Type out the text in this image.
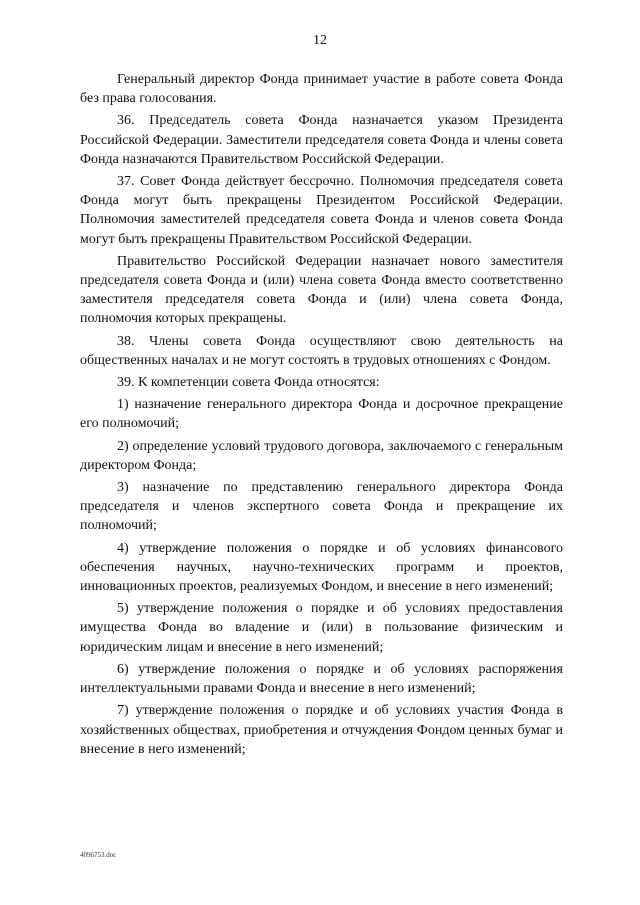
12

Генеральный директор Фонда принимает участие в работе совета Фонда без права голосования.

36. Председатель совета Фонда назначается указом Президента Российской Федерации. Заместители председателя совета Фонда и члены совета Фонда назначаются Правительством Российской Федерации.

37. Совет Фонда действует бессрочно. Полномочия председателя совета Фонда могут быть прекращены Президентом Российской Федерации. Полномочия заместителей председателя совета Фонда и членов совета Фонда могут быть прекращены Правительством Российской Федерации.

Правительство Российской Федерации назначает нового заместителя председателя совета Фонда и (или) члена совета Фонда вместо соответственно заместителя председателя совета Фонда и (или) члена совета Фонда, полномочия которых прекращены.

38. Члены совета Фонда осуществляют свою деятельность на общественных началах и не могут состоять в трудовых отношениях с Фондом.

39. К компетенции совета Фонда относятся:

1) назначение генерального директора Фонда и досрочное прекращение его полномочий;

2) определение условий трудового договора, заключаемого с генеральным директором Фонда;

3) назначение по представлению генерального директора Фонда председателя и членов экспертного совета Фонда и прекращение их полномочий;

4) утверждение положения о порядке и об условиях финансового обеспечения научных, научно-технических программ и проектов, инновационных проектов, реализуемых Фондом, и внесение в него изменений;

5) утверждение положения о порядке и об условиях предоставления имущества Фонда во владение и (или) в пользование физическим и юридическим лицам и внесение в него изменений;

6) утверждение положения о порядке и об условиях распоряжения интеллектуальными правами Фонда и внесение в него изменений;

7) утверждение положения о порядке и об условиях участия Фонда в хозяйственных обществах, приобретения и отчуждения Фондом ценных бумаг и внесение в него изменений;

4096753.doc
